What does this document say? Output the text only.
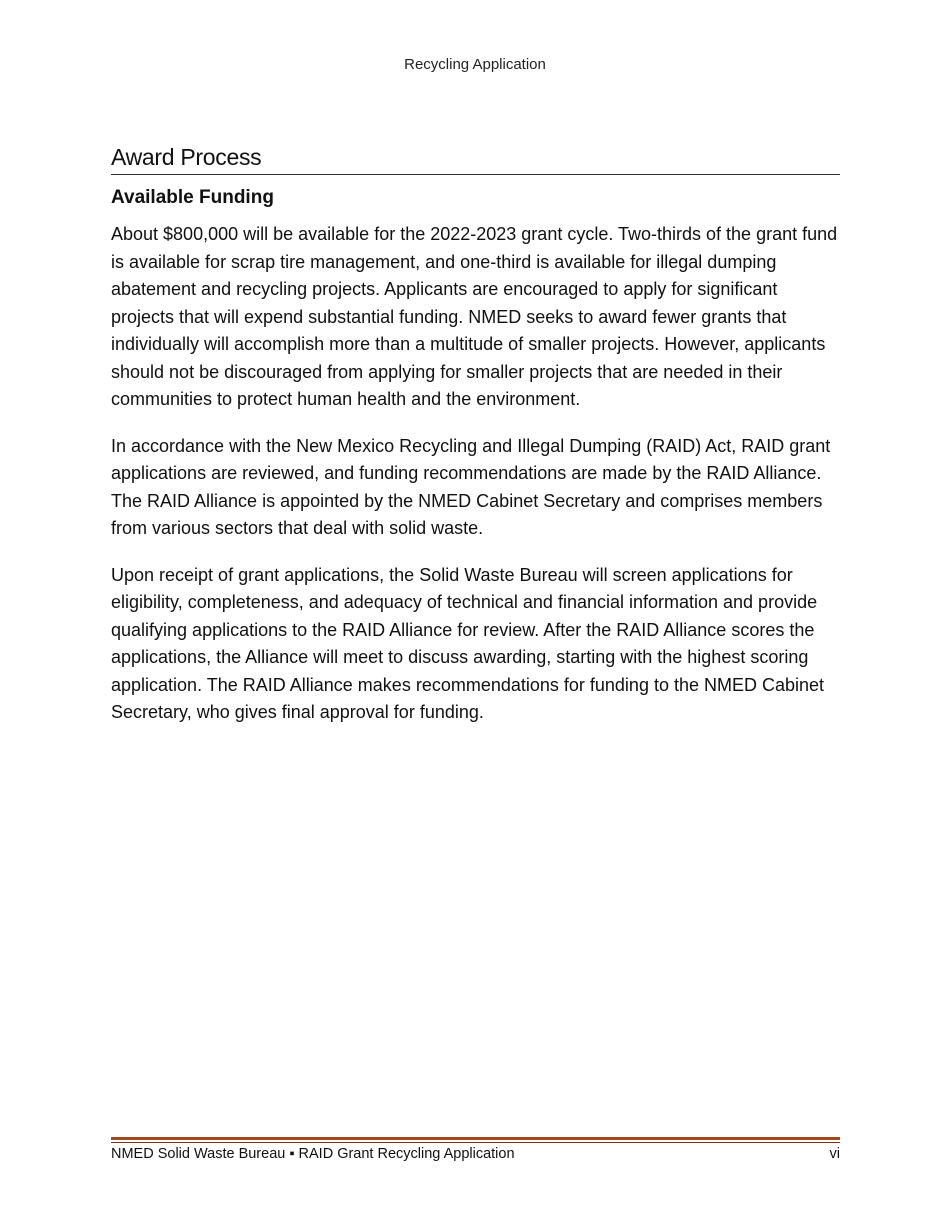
Recycling Application
Award Process
Available Funding

About $800,000 will be available for the 2022-2023 grant cycle. Two-thirds of the grant fund is available for scrap tire management, and one-third is available for illegal dumping abatement and recycling projects. Applicants are encouraged to apply for significant projects that will expend substantial funding. NMED seeks to award fewer grants that individually will accomplish more than a multitude of smaller projects. However, applicants should not be discouraged from applying for smaller projects that are needed in their communities to protect human health and the environment.

In accordance with the New Mexico Recycling and Illegal Dumping (RAID) Act, RAID grant applications are reviewed, and funding recommendations are made by the RAID Alliance. The RAID Alliance is appointed by the NMED Cabinet Secretary and comprises members from various sectors that deal with solid waste.

Upon receipt of grant applications, the Solid Waste Bureau will screen applications for eligibility, completeness, and adequacy of technical and financial information and provide qualifying applications to the RAID Alliance for review. After the RAID Alliance scores the applications, the Alliance will meet to discuss awarding, starting with the highest scoring application. The RAID Alliance makes recommendations for funding to the NMED Cabinet Secretary, who gives final approval for funding.

NMED Solid Waste Bureau ▪ RAID Grant Recycling Application	vi
